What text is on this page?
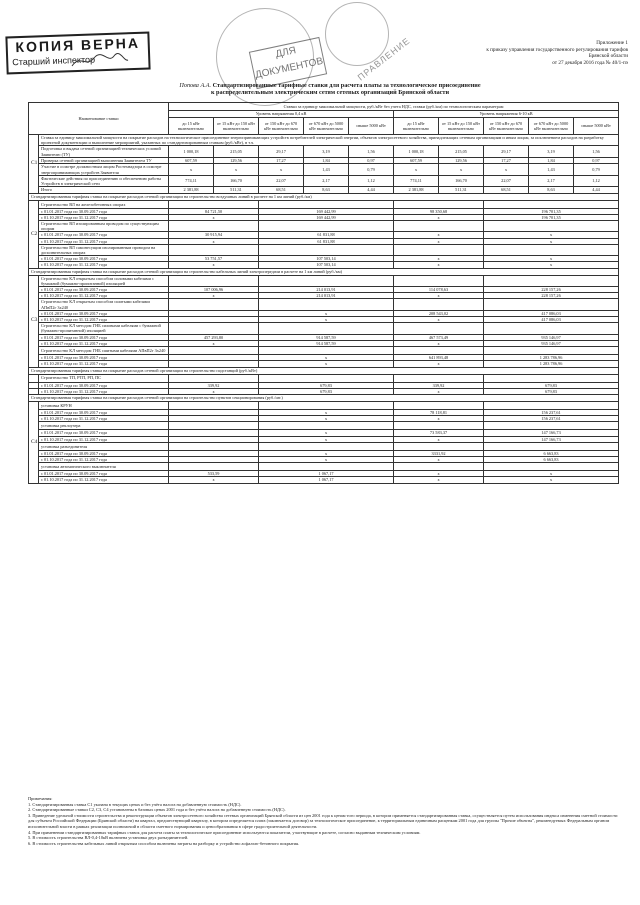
КОПИЯ ВЕРНА
Старший инспектор
ДЛЯ
ДОКУМЕНТОВ	ПРАВЛЕНИЕ	Приложение 1
к приказу управления государственного регулирования тарифов Брянской области
от 27 декабря 2016 года № 40/1-пэ
Попова А.А. Стандартизированные тарифные ставки для расчета платы за технологическое присоединение
к распределительным электрическим сетям сетевых организаций Брянской области
Наименование ставки		Ставки за единицу максимальной мощности, руб./кВт без учета НДС, ставки (руб./км) по технологическим параметрам									
		Уровень напряжения 0,4 кВ					Уровень напряжения 6-10 кВ				
		до 15 кВт включительно	от 15 кВт до 150 кВт включительно	от 150 кВт до 670 кВт включительно	от 670 кВт до 5000 кВт включительно	свыше 5000 кВт	до 15 кВт включительно	от 15 кВт до 150 кВт включительно	от 150 кВт до 670 кВт включительно	от 670 кВт до 5000 кВт включительно	свыше 5000 кВт
С1	Ставка за единицу максимальной мощности на покрытие расходов на технологическое присоединение энергопринимающих устройств потребителей электрической энергии, объектов электросетевого хозяйства, принадлежащих сетевым организациям и иным лицам, за исключением расходов на разработку проектной документации и выполнение мероприятий, указанных по стандартизированным ставкам (руб./кВт), в т.ч.										
	Подготовка и выдача сетевой организацией технических условий Заявителю (ТУ)	1 000,18	215,05	29,17	3,19	1,56	1 000,18	215,05	29,17	3,19	1,56
	Проверка сетевой организацией выполнения Заявителем ТУ	607,59	129,56	17,27	1,84	0,97	607,59	129,56	17,27	1,84	0,97
	Участие в осмотре должностным лицом Ростехнадзора в осмотре энергопринимающих устройств Заявителя	x	x	x	1,43	0,79	x	x	x	1,43	0,79
	Фактические действия по присоединению и обеспечению работы Устройств в электрической сети	774,11	166,70	22,07	2,17	1,12	774,11	166,70	22,07	2,17	1,12
	Итого	2 381,88	511,31	68,51	8,63	4,44	2 381,88	511,31	68,51	8,63	4,44
Стандартизированная тарифная ставка на покрытие расходов сетевой организации на строительство воздушных линий в расчете на 1 км линий (руб./км)											
С2	Строительство ВЛ на железобетонных опорах										
	с 01.01.2017 года по 30.09.2017 года	84 721,50		169 442,99			98 350,68		196 701,35		
	с 01.10.2017 года по 31.12.2017 года	x		169 442,99			x		196 701,35		
	Строительство ВЛ изолированным проводом по существующим опорам										
	с 01.01.2017 года по 30.09.2017 года	30 915,94		61 831,88			x		x		
	с 01.10.2017 года по 31.12.2017 года	x		61 831,88			x		x		
	Строительство ВЛ самонесущим изолированным проводом на дополнительных опорах										
	с 01.01.2017 года по 30.09.2017 года	53 751,57		107 503,14			x		x		
	с 01.10.2017 года по 31.12.2017 года	x		107 503,14			x		x		
Стандартизированная тарифная ставка на покрытие расходов сетевой организации на строительство кабельных линий электропередачи в расчете на 1 км линий (руб./км)											
С3	Строительство КЛ открытым способом силовыми кабелями с бумажной (бумажно-пропитанной) изоляцией										
	с 01.01.2017 года по 30.09.2017 года	107 006,96		214 013,91			114 078,63		228 157,26		
	с 01.10.2017 года по 31.12.2017 года	x		214 013,91			x		228 157,26		
	Строительство КЛ открытым способом сшитыми кабелями АПвП2г 3х240										
	с 01.01.2017 года по 30.09.2017 года			x			208 543,02		417 086,03		
	с 01.10.2017 года по 31.12.2017 года			x			x		417 086,03		
	Строительство КЛ методом ГНБ силовыми кабелями с бумажной (бумажно-пропитанной) изоляцией										
	с 01.01.2017 года по 30.09.2017 года	457 293,80		914 587,59			467 573,49		935 146,97		
	с 01.10.2017 года по 31.12.2017 года	x		914 587,59			x		935 146,97		
	Строительство КЛ методом ГНБ сшитыми кабелями АПвП2г 3х240										
	с 01.01.2017 года по 30.09.2017 года			x			641 893,48		1 283 786,96		
	с 01.10.2017 года по 31.12.2017 года			x			x		1 283 786,96		
Стандартизированная тарифная ставка на покрытие расходов сетевой организации на строительство подстанций (руб./кВт)											
	Строительство ТП, РТП, РП, ПС										
	с 01.01.2017 года по 30.09.2017 года	339,92		679,83			339,92		679,83		
	с 01.10.2017 года по 31.12.2017 года	x		679,83			x		679,83		
Стандартизированная тарифная ставка на покрытие расходов сетевой организации на строительство пунктов секционирования (руб./шт.)											
С4	установка КРУН										
	с 01.01.2017 года по 30.09.2017 года			x			78 118,81		156 237,61		
	с 01.10.2017 года по 31.12.2017 года			x			x		156 237,61		
	установка реклоузера										
	с 01.01.2017 года по 30.09.2017 года			x			73 583,37		147 166,73		
	с 01.10.2017 года по 31.12.2017 года			x			x		147 166,73		
	установка разъединителя										
	с 01.01.2017 года по 30.09.2017 года			x			3331,92		6 663,83		
	с 01.10.2017 года по 31.12.2017 года			x			x		6 663,83		
	установка автоматического выключателя										
	с 01.01.2017 года по 30.09.2017 года	533,59		1 067,17			x		x		
	с 01.10.2017 года по 31.12.2017 года	x		1 067,17			x		x		

Примечания:

1. Стандартизированная ставка С1 указана в текущих ценах и без учёта налога на добавленную стоимость (НДС).

2. Стандартизированные ставки С2, С3, С4 установлены в базовых ценах 2001 года и без учёта налога на добавленную стоимость (НДС).

3. Приведение удельной стоимости строительства и реконструкции объектов электросетевого хозяйства сетевых организаций Брянской области из цен 2001 года к ценам того периода, в котором применяется стандартизированная ставка, осуществляется путем использования индекса изменения сметной стоимости для субъекта Российской Федерации (Брянской области) на квартал, предшествующий кварталу, в котором определяется плата (заключается договор) за технологическое присоединение, к территориальным единичным расценкам 2001 года для группы "Прочие объекты", рекомендуемых Федеральным органом исполнительной власти в рамках реализации полномочий в области сметного нормирования и ценообразования в сфере градостроительной деятельности.

4. При применении стандартизированных тарифных ставок для расчета платы за технологическое присоединение используются показатели, участвующие в расчете, согласно выданным техническим условиям.

5. В стоимость строительства ВЛ-0,4-10кВ включена установка двух разъединителей.

6. В стоимость строительства кабельных линий открытым способом включены затраты на разборку и устройство асфальто-бетонного покрытия.
